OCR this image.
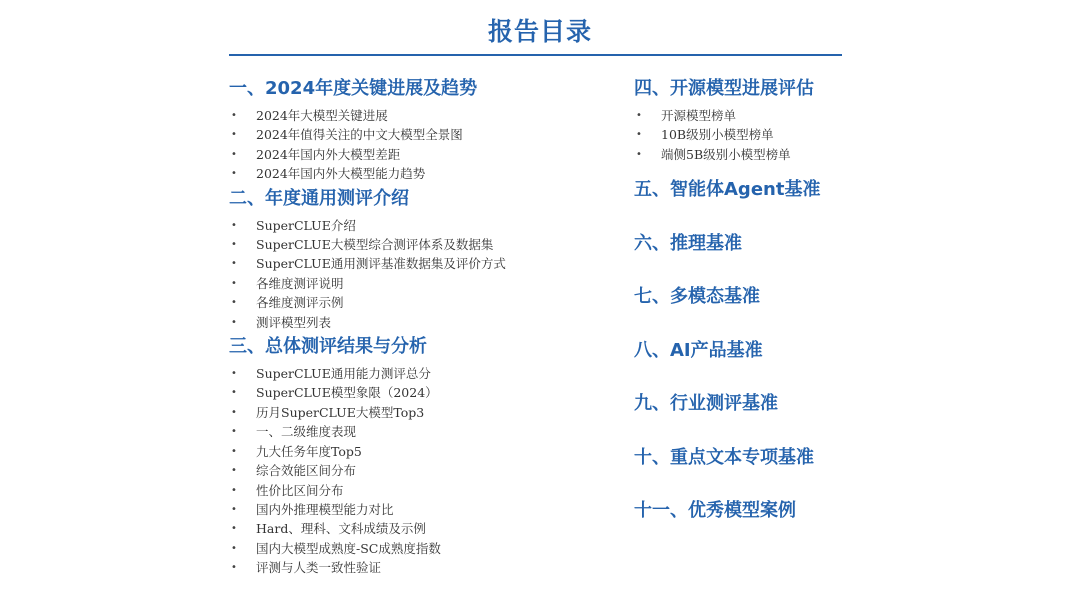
报告目录
一、2024年度关键进展及趋势
• 2024年大模型关键进展
• 2024年值得关注的中文大模型全景图
• 2024年国内外大模型差距
• 2024年国内外大模型能力趋势
二、年度通用测评介绍
• SuperCLUE介绍
• SuperCLUE大模型综合测评体系及数据集
• SuperCLUE通用测评基准数据集及评价方式
• 各维度测评说明
• 各维度测评示例
• 测评模型列表
三、总体测评结果与分析
• SuperCLUE通用能力测评总分
• SuperCLUE模型象限（2024）
• 历月SuperCLUE大模型Top3
• 一、二级维度表现
• 九大任务年度Top5
• 综合效能区间分布
• 性价比区间分布
• 国内外推理模型能力对比
• Hard、理科、文科成绩及示例
• 国内大模型成熟度-SC成熟度指数
• 评测与人类一致性验证
四、开源模型进展评估
• 开源模型榜单
• 10B级别小模型榜单
• 端侧5B级别小模型榜单
五、智能体Agent基准
六、推理基准
七、多模态基准
八、AI产品基准
九、行业测评基准
十、重点文本专项基准
十一、优秀模型案例
